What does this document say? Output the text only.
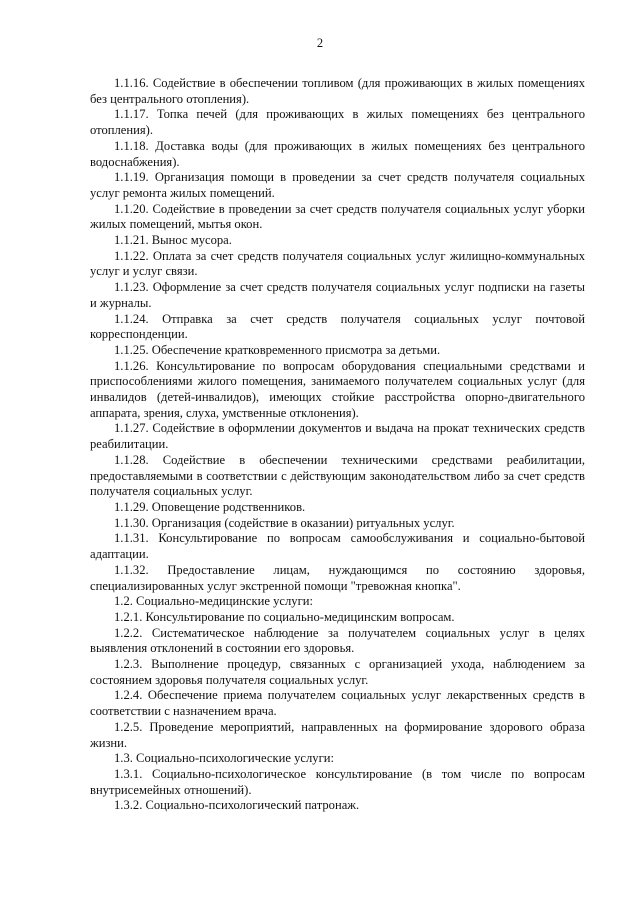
2

1.1.16. Содействие в обеспечении топливом (для проживающих в жилых помещениях без центрального отопления).

1.1.17. Топка печей (для проживающих в жилых помещениях без центрального отопления).

1.1.18. Доставка воды (для проживающих в жилых помещениях без центрального водоснабжения).

1.1.19. Организация помощи в проведении за счет средств получателя социальных услуг ремонта жилых помещений.

1.1.20. Содействие в проведении за счет средств получателя социальных услуг уборки жилых помещений, мытья окон.

1.1.21. Вынос мусора.

1.1.22. Оплата за счет средств получателя социальных услуг жилищно-коммунальных услуг и услуг связи.

1.1.23. Оформление за счет средств получателя социальных услуг подписки на газеты и журналы.

1.1.24. Отправка за счет средств получателя социальных услуг почтовой корреспонденции.

1.1.25. Обеспечение кратковременного присмотра за детьми.

1.1.26. Консультирование по вопросам оборудования специальными средствами и приспособлениями жилого помещения, занимаемого получателем социальных услуг (для инвалидов (детей-инвалидов), имеющих стойкие расстройства опорно-двигательного аппарата, зрения, слуха, умственные отклонения).

1.1.27. Содействие в оформлении документов и выдача на прокат технических средств реабилитации.

1.1.28. Содействие в обеспечении техническими средствами реабилитации, предоставляемыми в соответствии с действующим законодательством либо за счет средств получателя социальных услуг.

1.1.29. Оповещение родственников.

1.1.30. Организация (содействие в оказании) ритуальных услуг.

1.1.31. Консультирование по вопросам самообслуживания и социально-бытовой адаптации.

1.1.32. Предоставление лицам, нуждающимся по состоянию здоровья, специализированных услуг экстренной помощи "тревожная кнопка".

1.2. Социально-медицинские услуги:

1.2.1. Консультирование по социально-медицинским вопросам.

1.2.2. Систематическое наблюдение за получателем социальных услуг в целях выявления отклонений в состоянии его здоровья.

1.2.3. Выполнение процедур, связанных с организацией ухода, наблюдением за состоянием здоровья получателя социальных услуг.

1.2.4. Обеспечение приема получателем социальных услуг лекарственных средств в соответствии с назначением врача.

1.2.5. Проведение мероприятий, направленных на формирование здорового образа жизни.

1.3. Социально-психологические услуги:

1.3.1. Социально-психологическое консультирование (в том числе по вопросам внутрисемейных отношений).

1.3.2. Социально-психологический патронаж.
